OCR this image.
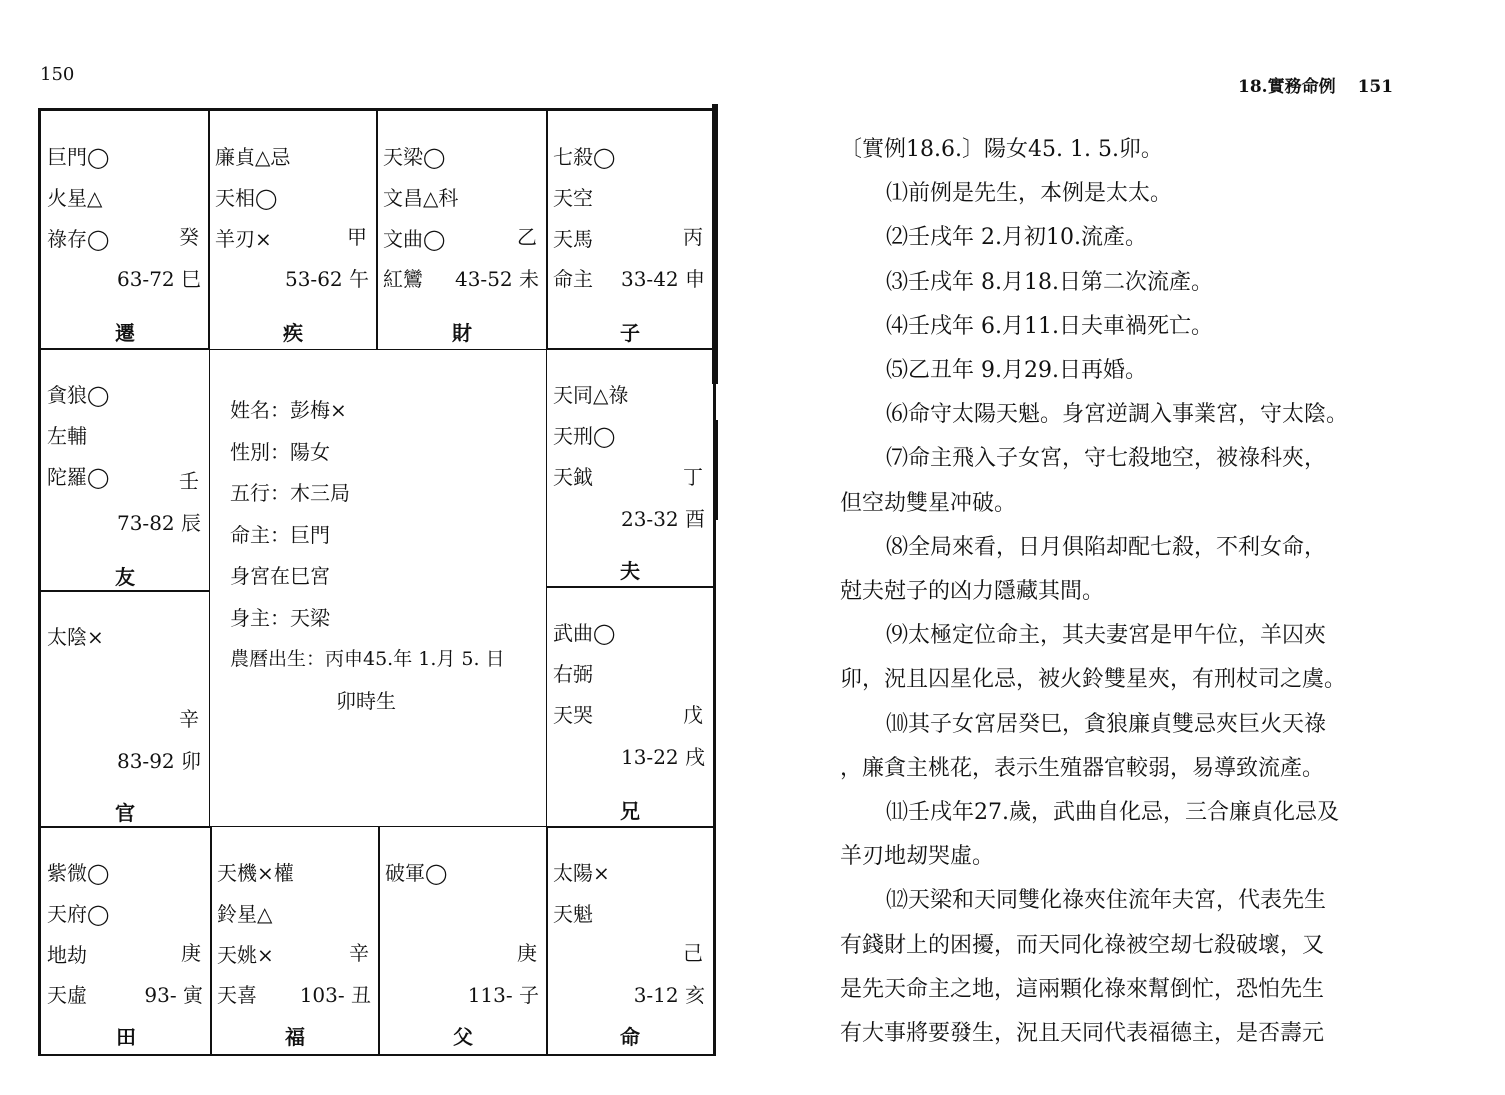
150
巨門◯
火星△
祿存◯	癸
63-72 巳
遷
廉貞△忌
天相◯
羊刃×	甲
53-62 午
疾
天梁◯
文昌△科
文曲◯	乙
紅鸞 43-52 未
財
七殺◯
天空
天馬	丙
命主 33-42 申
子
貪狼◯
左輔
陀羅◯	壬
73-82 辰
友
太陰×
辛
83-92 卯
官
天同△祿
天刑◯
天鉞	丁
23-32 酉
夫
武曲◯
右弼
天哭	戊
13-22 戌
兄
姓名：彭梅×
性別：陽女
五行：木三局
命主：巨門
身宮在巳宮
身主：天梁
農曆出生：丙申45.年 1.月 5. 日
卯時生
紫微◯
天府◯
地劫	庚
天虛	93- 寅
田
天機×權
鈴星△
天姚×	辛
天喜 103- 丑
福
破軍◯
庚
113- 子
父
太陽×
天魁
己
3-12 亥
命
18.實務命例 151
〔實例18.6.〕陽女45. 1. 5.卯。
⑴前例是先生，本例是太太。
⑵壬戌年 2.月初10.流產。
⑶壬戌年 8.月18.日第二次流產。
⑷壬戌年 6.月11.日夫車禍死亡。
⑸乙丑年 9.月29.日再婚。
⑹命守太陽天魁。身宮逆調入事業宮，守太陰。
⑺命主飛入子女宮，守七殺地空，被祿科夾，
但空劫雙星冲破。
⑻全局來看，日月俱陷却配七殺，不利女命，
尅夫尅子的凶力隱藏其間。
⑼太極定位命主，其夫妻宮是甲午位，羊囚夾
卯，況且囚星化忌，被火鈴雙星夾，有刑杖司之虞。
⑽其子女宮居癸巳，貪狼廉貞雙忌夾巨火天祿
，廉貪主桃花，表示生殖器官較弱，易導致流產。
⑾壬戌年27.歲，武曲自化忌，三合廉貞化忌及
羊刃地刼哭虛。
⑿天梁和天同雙化祿夾住流年夫宮，代表先生
有錢財上的困擾，而天同化祿被空刼七殺破壞，又
是先天命主之地，這兩顆化祿來幫倒忙，恐怕先生
有大事將要發生，況且天同代表福德主，是否壽元
